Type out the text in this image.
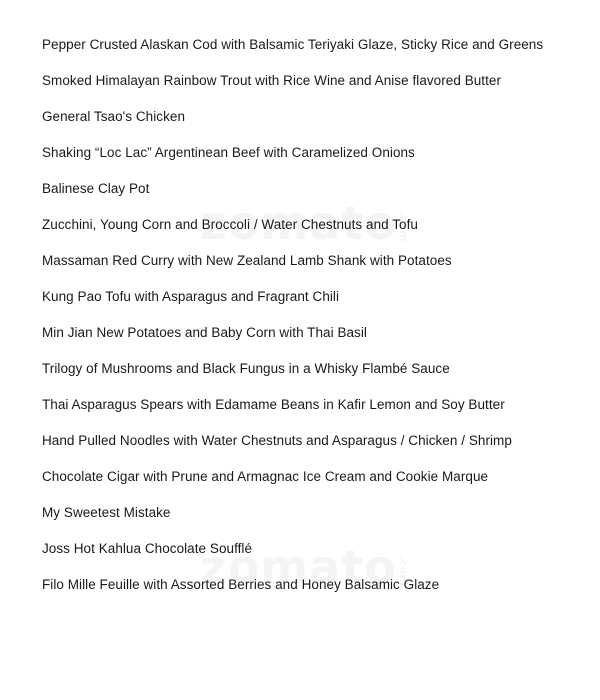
Pepper Crusted Alaskan Cod with Balsamic Teriyaki Glaze, Sticky Rice and Greens
Smoked Himalayan Rainbow Trout with Rice Wine and Anise flavored Butter
General Tsao's Chicken
Shaking “Loc Lac” Argentinean Beef with Caramelized Onions
Balinese Clay Pot
Zucchini, Young Corn and Broccoli / Water Chestnuts and Tofu
Massaman Red Curry with New Zealand Lamb Shank with Potatoes
Kung Pao Tofu with Asparagus and Fragrant Chili
Min Jian New Potatoes and Baby Corn with Thai Basil
Trilogy of Mushrooms and Black Fungus in a Whisky Flambé Sauce
Thai Asparagus Spears with Edamame Beans in Kafir Lemon and Soy Butter
Hand Pulled Noodles with Water Chestnuts and Asparagus / Chicken / Shrimp
Chocolate Cigar with Prune and Armagnac Ice Cream and Cookie Marque
My Sweetest Mistake
Joss Hot Kahlua Chocolate Soufflé
Filo Mille Feuille with Assorted Berries and Honey Balsamic Glaze
